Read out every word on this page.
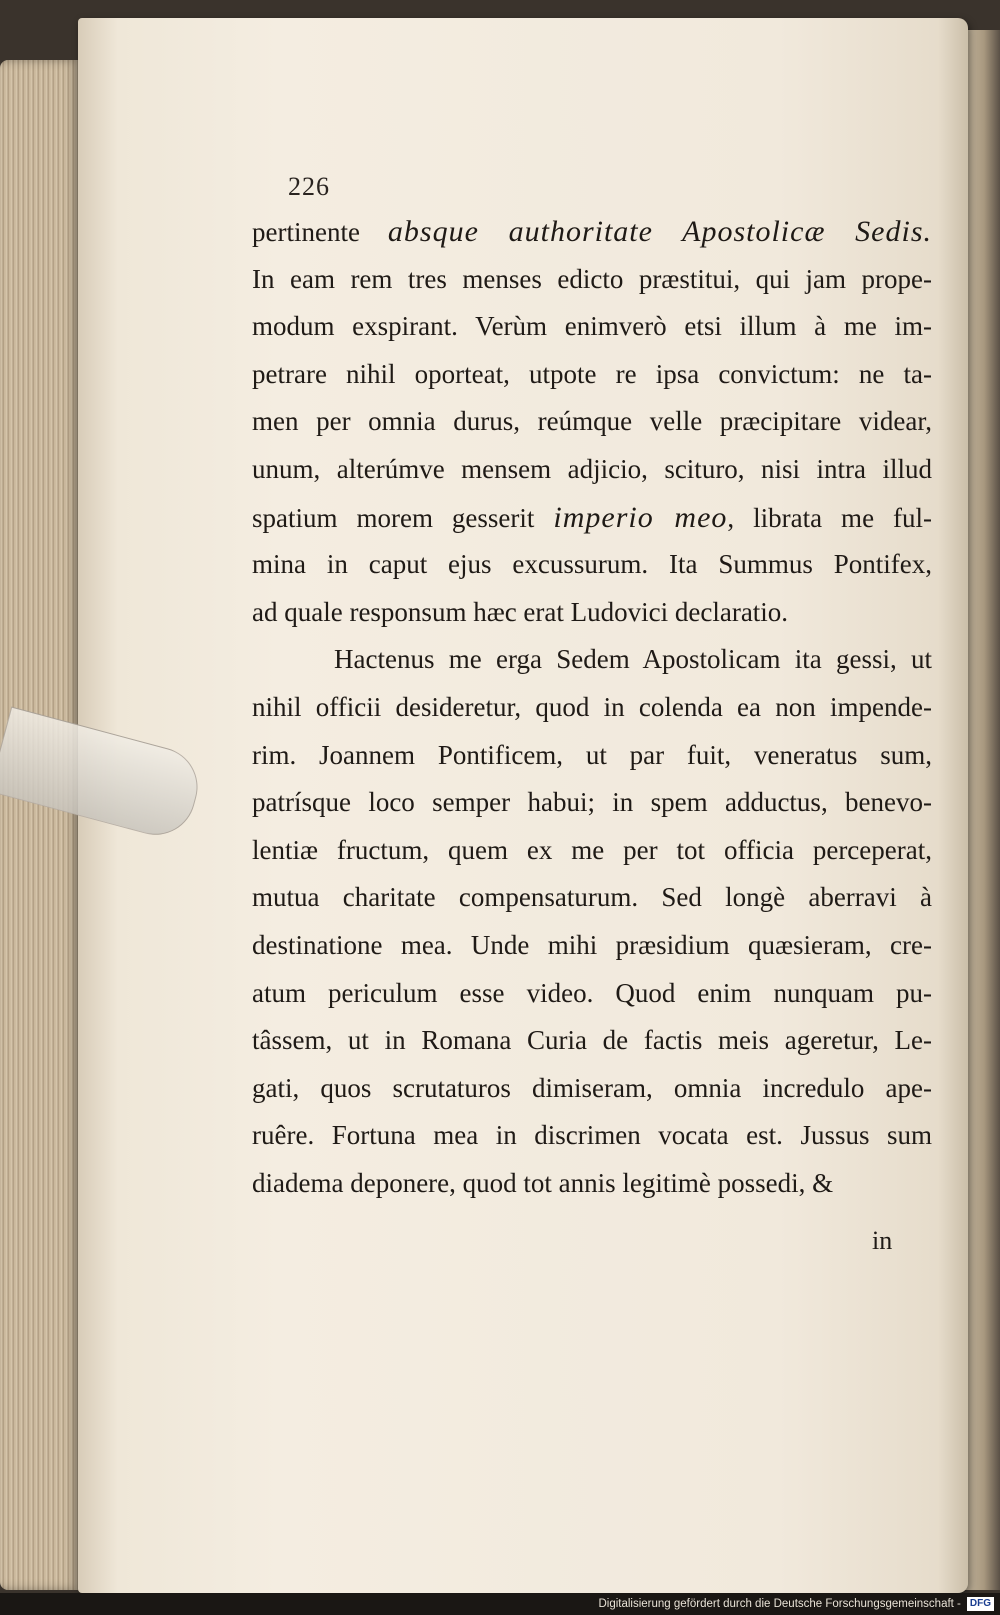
226
pertinente absque authoritate Apostolicæ Sedis.
In eam rem tres menses edicto præstitui, qui jam prope-
modum exspirant. Verùm enimverò etsi illum à me im-
petrare nihil oporteat, utpote re ipsa convictum: ne ta-
men per omnia durus, reúmque velle præcipitare videar,
unum, alterúmve mensem adjicio, scituro, nisi intra illud
spatium morem gesserit imperio meo, librata me ful-
mina in caput ejus excussurum. Ita Summus Pontifex,
ad quale responsum hæc erat Ludovici declaratio.
Hactenus me erga Sedem Apostolicam ita gessi, ut
nihil officii desideretur, quod in colenda ea non impende-
rim. Joannem Pontificem, ut par fuit, veneratus sum,
patrísque loco semper habui; in spem adductus, benevo-
lentiæ fructum, quem ex me per tot officia perceperat,
mutua charitate compensaturum. Sed longè aberravi à
destinatione mea. Unde mihi præsidium quæsieram, cre-
atum periculum esse video. Quod enim nunquam pu-
tâssem, ut in Romana Curia de factis meis ageretur, Le-
gati, quos scrutaturos dimiseram, omnia incredulo ape-
ruêre. Fortuna mea in discrimen vocata est. Jussus sum
diadema deponere, quod tot annis legitimè possedi, &
in
Digitalisierung gefördert durch die Deutsche Forschungsgemeinschaft - DFG
